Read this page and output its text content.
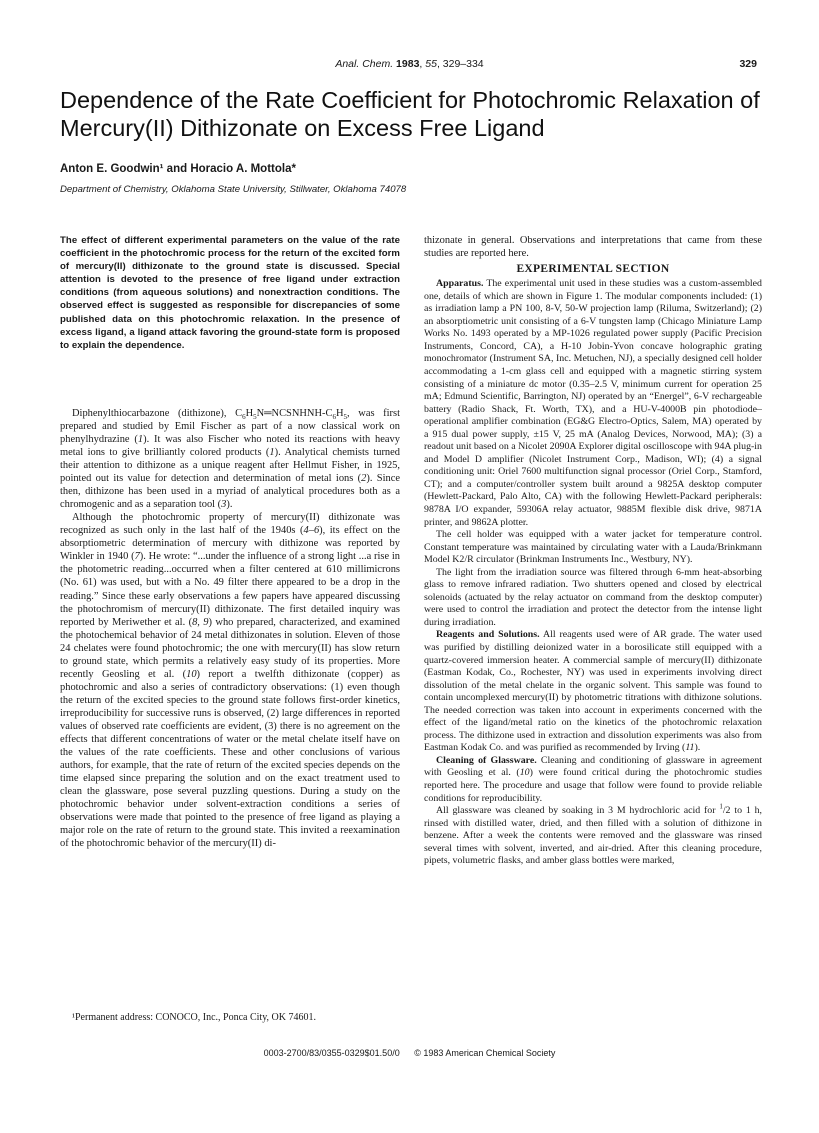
Anal. Chem. 1983, 55, 329–334	329
Dependence of the Rate Coefficient for Photochromic Relaxation of Mercury(II) Dithizonate on Excess Free Ligand

Anton E. Goodwin¹ and Horacio A. Mottola*

Department of Chemistry, Oklahoma State University, Stillwater, Oklahoma 74078

The effect of different experimental parameters on the value of the rate coefficient in the photochromic process for the return of the excited form of mercury(II) dithizonate to the ground state is discussed. Special attention is devoted to the presence of free ligand under extraction conditions (from aqueous solutions) and nonextraction conditions. The observed effect is suggested as responsible for discrepancies of some published data on this photochromic relaxation. In the presence of excess ligand, a ligand attack favoring the ground-state form is proposed to explain the dependence.

Diphenylthiocarbazone (dithizone), $C_6H_5N═NCSNHNH-C_6H_5$, was first prepared and studied by Emil Fischer as part of a now classical work on phenylhydrazine (1). It was also Fischer who noted its reactions with heavy metal ions to give brilliantly colored products (1). Analytical chemists turned their attention to dithizone as a unique reagent after Hellmut Fisher, in 1925, pointed out its value for detection and determination of metal ions (2). Since then, dithizone has been used in a myriad of analytical procedures both as a chromogenic and as a separation tool (3).

Although the photochromic property of mercury(II) dithizonate was recognized as such only in the last half of the 1940s (4–6), its effect on the absorptiometric determination of mercury with dithizone was reported by Winkler in 1940 (7). He wrote: “...under the influence of a strong light ...a rise in the photometric reading...occurred when a filter centered at 610 millimicrons (No. 61) was used, but with a No. 49 filter there appeared to be a drop in the reading.” Since these early observations a few papers have appeared discussing the photochromism of mercury(II) dithizonate. The first detailed inquiry was reported by Meriwether et al. (8, 9) who prepared, characterized, and examined the photochemical behavior of 24 metal dithizonates in solution. Eleven of those 24 chelates were found photochromic; the one with mercury(II) has slow return to ground state, which permits a relatively easy study of its properties. More recently Geosling et al. (10) report a twelfth dithizonate (copper) as photochromic and also a series of contradictory observations: (1) even though the return of the excited species to the ground state follows first-order kinetics, irreproducibility for successive runs is observed, (2) large differences in reported values of observed rate coefficients are evident, (3) there is no agreement on the effects that different concentrations of water or the metal chelate itself have on the values of the rate coefficients. These and other conclusions of various authors, for example, that the rate of return of the excited species depends on the time elapsed since preparing the solution and on the exact treatment used to clean the glassware, pose several puzzling questions. During a study on the photochromic behavior under solvent-extraction conditions a series of observations were made that pointed to the presence of free ligand as playing a major role on the rate of return to the ground state. This invited a reexamination of the photochromic behavior of the mercury(II) di-

¹Permanent address: CONOCO, Inc., Ponca City, OK 74601.

thizonate in general. Observations and interpretations that came from these studies are reported here.

EXPERIMENTAL SECTION

Apparatus. The experimental unit used in these studies was a custom-assembled one, details of which are shown in Figure 1. The modular components included: (1) as irradiation lamp a PN 100, 8-V, 50-W projection lamp (Riluma, Switzerland); (2) an absorptiometric unit consisting of a 6-V tungsten lamp (Chicago Miniature Lamp Works No. 1493 operated by a MP-1026 regulated power supply (Pacific Precision Instruments, Concord, CA), a H-10 Jobin-Yvon concave holographic grating monochromator (Instrument SA, Inc. Metuchen, NJ), a specially designed cell holder accommodating a 1-cm glass cell and equipped with a magnetic stirring system consisting of a miniature dc motor (0.35–2.5 V, minimum current for operation 25 mA; Edmund Scientific, Barrington, NJ) operated by an “Energel”, 6-V rechargeable battery (Radio Shack, Ft. Worth, TX), and a HU-V-4000B pin photodiode–operational amplifier combination (EG&G Electro-Optics, Salem, MA) operated by a 915 dual power supply, ±15 V, 25 mA (Analog Devices, Norwood, MA); (3) a readout unit based on a Nicolet 2090A Explorer digital oscilloscope with 94A plug-in and Model D amplifier (Nicolet Instrument Corp., Madison, WI); (4) a signal conditioning unit: Oriel 7600 multifunction signal processor (Oriel Corp., Stamford, CT); and a computer/controller system built around a 9825A desktop computer (Hewlett-Packard, Palo Alto, CA) with the following Hewlett-Packard peripherals: 9878A I/O expander, 59306A relay actuator, 9885M flexible disk drive, 9871A printer, and 9862A plotter.

The cell holder was equipped with a water jacket for temperature control. Constant temperature was maintained by circulating water with a Lauda/Brinkmann Model K2/R circulator (Brinkman Instruments Inc., Westbury, NY).

The light from the irradiation source was filtered through 6-mm heat-absorbing glass to remove infrared radiation. Two shutters opened and closed by electrical solenoids (actuated by the relay actuator on command from the desktop computer) were used to control the irradiation and protect the detector from the intense light during irradiation.

Reagents and Solutions. All reagents used were of AR grade. The water used was purified by distilling deionized water in a borosilicate still equipped with a quartz-covered immersion heater. A commercial sample of mercury(II) dithizonate (Eastman Kodak, Co., Rochester, NY) was used in experiments involving direct dissolution of the metal chelate in the organic solvent. This sample was found to contain uncomplexed mercury(II) by photometric titrations with dithizone solutions. The needed correction was taken into account in experiments concerned with the effect of the ligand/metal ratio on the kinetics of the photochromic relaxation process. The dithizone used in extraction and dissolution experiments was also from Eastman Kodak Co. and was purified as recommended by Irving (11).

Cleaning of Glassware. Cleaning and conditioning of glassware in agreement with Geosling et al. (10) were found critical during the photochromic studies reported here. The procedure and usage that follow were found to provide reliable conditions for reproducibility.

All glassware was cleaned by soaking in 3 M hydrochloric acid for $^1$/2 to 1 h, rinsed with distilled water, dried, and then filled with a solution of dithizone in benzene. After a week the contents were removed and the glassware was rinsed several times with solvent, inverted, and air-dried. After this cleaning procedure, pipets, volumetric flasks, and amber glass bottles were marked,

0003-2700/83/0355-0329$01.50/0 © 1983 American Chemical Society
